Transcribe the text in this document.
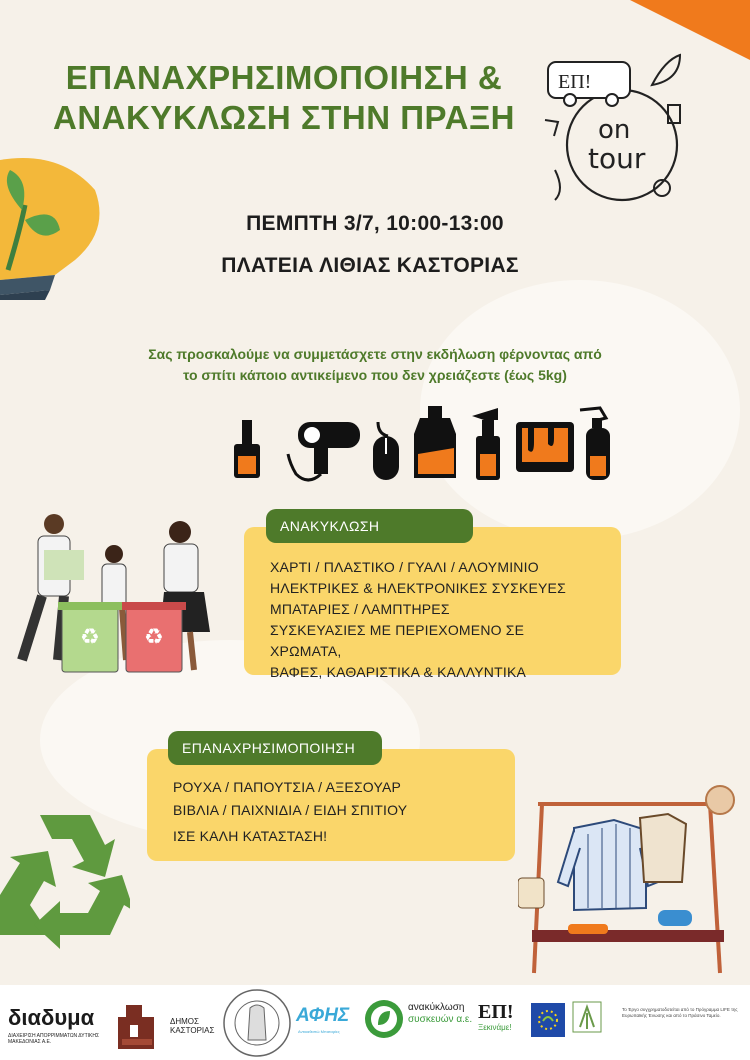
ΕΠΑΝΑΧΡΗΣΙΜΟΠΟΙΗΣΗ &
ΑΝΑΚΥΚΛΩΣΗ ΣΤΗΝ ΠΡΑΞΗ
ΕΠ!
on
tour
ΠΕΜΠΤΗ 3/7, 10:00-13:00
ΠΛΑΤΕΙΑ ΛΙΘΙΑΣ ΚΑΣΤΟΡΙΑΣ
Σας προσκαλούμε να συμμετάσχετε στην εκδήλωση φέρνοντας από
το σπίτι κάποιο αντικείμενο που δεν χρειάζεστε (έως 5kg)
♻ ♻
ΧΑΡΤΙ / ΠΛΑΣΤΙΚΟ / ΓΥΑΛΙ / ΑΛΟΥΜΙΝΙΟ
ΗΛΕΚΤΡΙΚΕΣ & ΗΛΕΚΤΡΟΝΙΚΕΣ ΣΥΣΚΕΥΕΣ
ΜΠΑΤΑΡΙΕΣ / ΛΑΜΠΤΗΡΕΣ
ΣΥΣΚΕΥΑΣΙΕΣ ΜΕ ΠΕΡΙΕΧΟΜΕΝΟ ΣΕ ΧΡΩΜΑΤΑ,
ΒΑΦΕΣ, ΚΑΘΑΡΙΣΤΙΚΑ & ΚΑΛΛΥΝΤΙΚΑ
ΑΝΑΚΥΚΛΩΣΗ
ΡΟΥΧΑ / ΠΑΠΟΥΤΣΙΑ / ΑΞΕΣΟΥΑΡ
ΒΙΒΛΙΑ / ΠΑΙΧΝΙΔΙΑ / ΕΙΔΗ ΣΠΙΤΙΟΥ
ΙΣΕ ΚΑΛΗ ΚΑΤΑΣΤΑΣΗ!
ΕΠΑΝΑΧΡΗΣΙΜΟΠΟΙΗΣΗ
διαδυμα
ΔΙΑΧΕΙΡΙΣΗ ΑΠΟΡΡΙΜΜΑΤΩΝ ΔΥΤΙΚΗΣ ΜΑΚΕΔΟΝΙΑΣ Α.Ε.
ΔΗΜΟΣ
ΚΑΣΤΟΡΙΑΣ
ΑΦΗΣ
Αντικαθιστώ Μπαταρίες
ανακύκλωση
συσκευών α.ε. ΕΠ!
Ξεκινάμε!
Το Έργο συγχρηματοδοτείται από το Πρόγραμμα LIFE της Ευρωπαϊκής Ένωσης και από το Πράσινο Ταμείο.
